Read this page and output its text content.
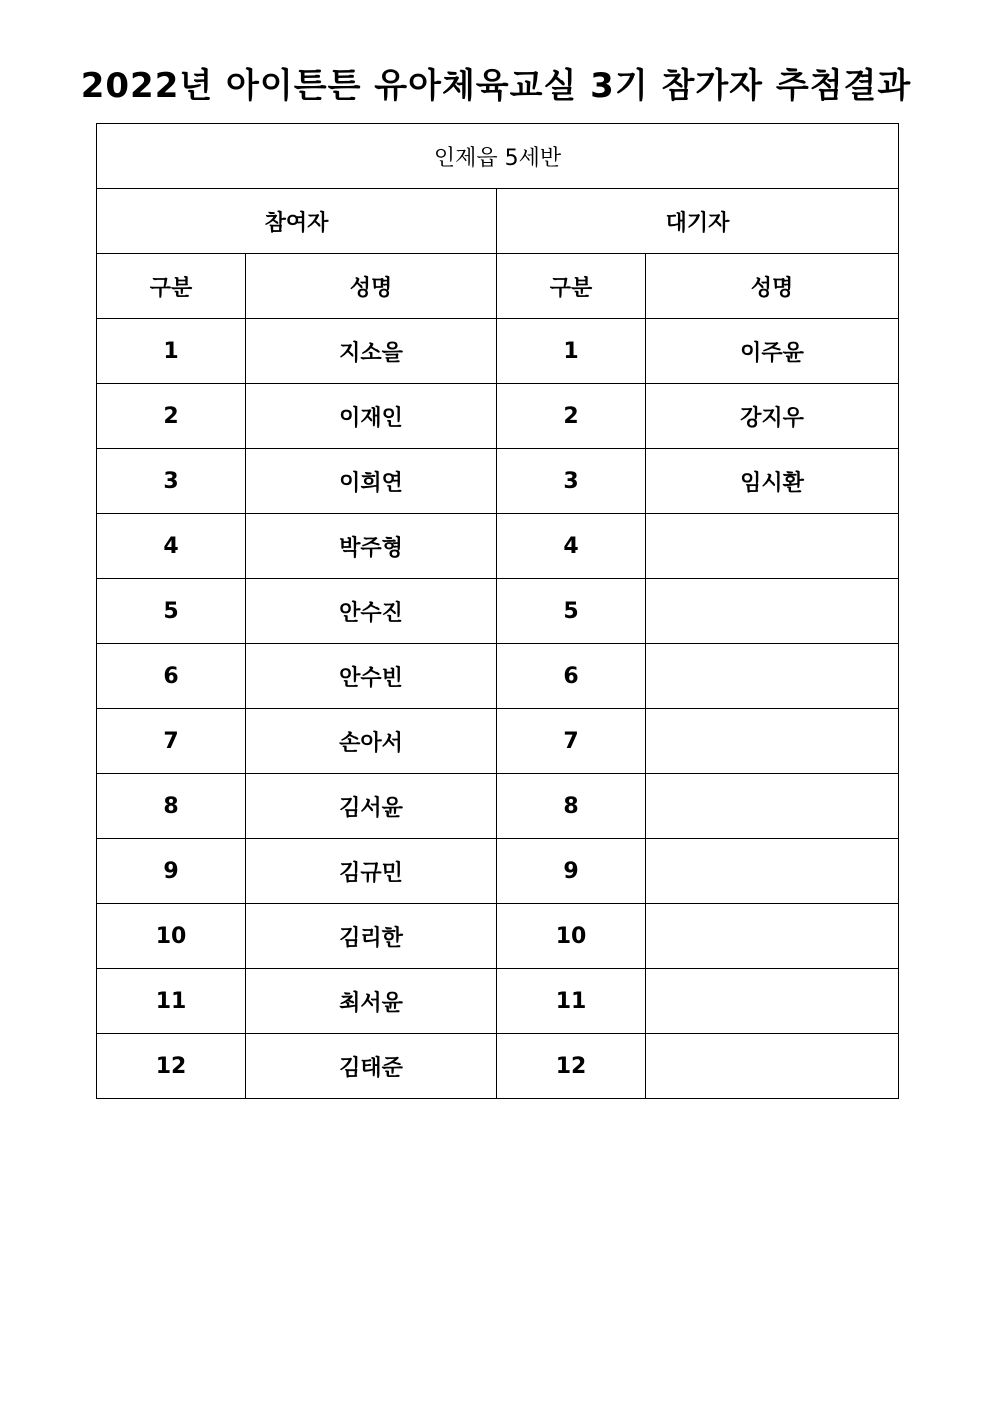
2022년 아이튼튼 유아체육교실 3기 참가자 추첨결과
인제읍 5세반			
참여자		대기자	
구분	성명	구분	성명
1	지소을	1	이주윤
2	이재인	2	강지우
3	이희연	3	임시환
4	박주형	4	
5	안수진	5	
6	안수빈	6	
7	손아서	7	
8	김서윤	8	
9	김규민	9	
10	김리한	10	
11	최서윤	11	
12	김태준	12	
